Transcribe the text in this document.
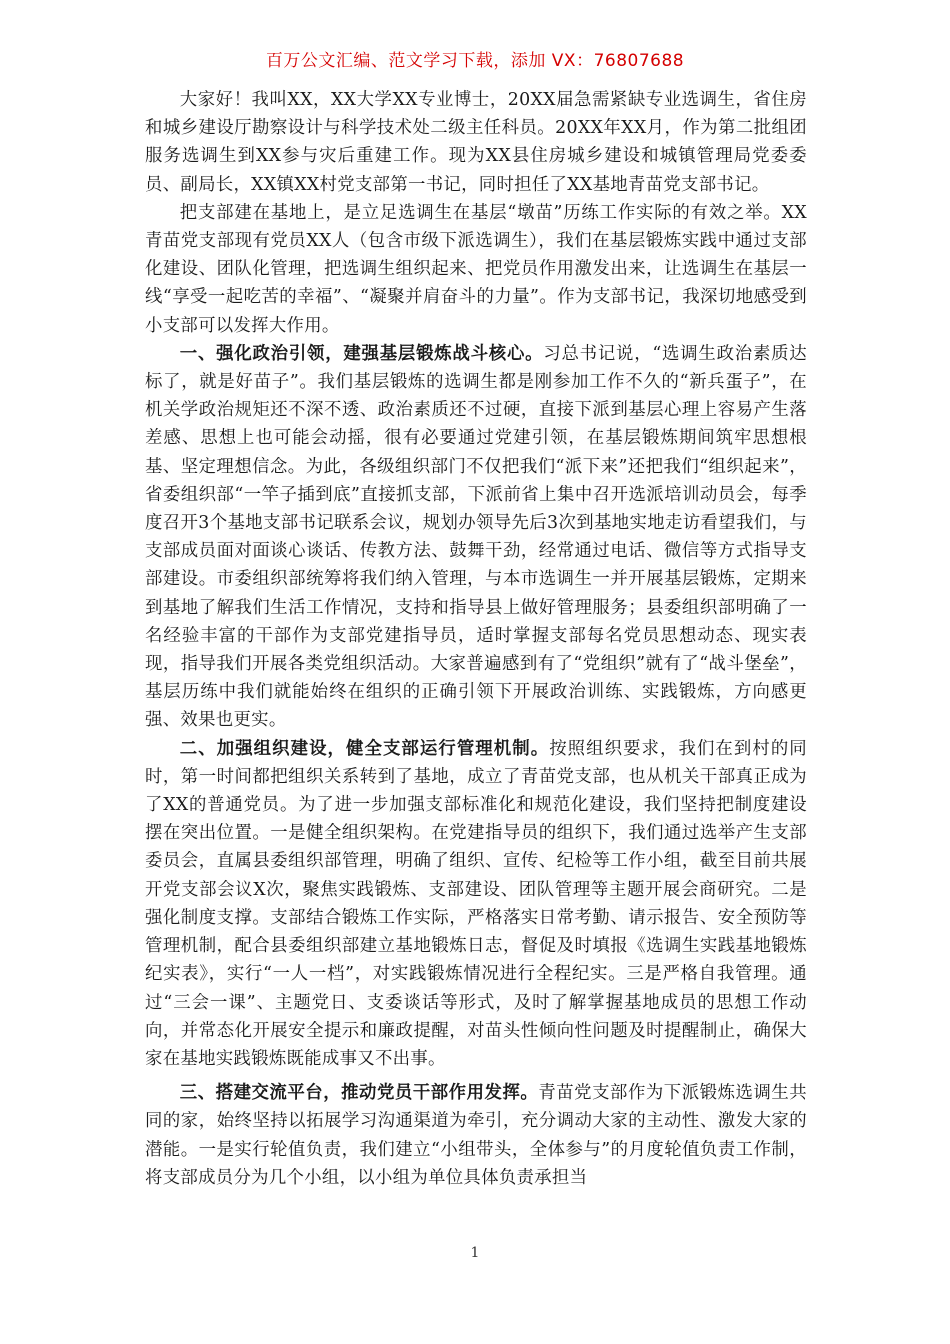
百万公文汇编、范文学习下载，添加 VX：76807688

大家好！我叫XX，XX大学XX专业博士，20XX届急需紧缺专业选调生，省住房和城乡建设厅勘察设计与科学技术处二级主任科员。20XX年XX月，作为第二批组团服务选调生到XX参与灾后重建工作。现为XX县住房城乡建设和城镇管理局党委委员、副局长，XX镇XX村党支部第一书记，同时担任了XX基地青苗党支部书记。

把支部建在基地上，是立足选调生在基层“墩苗”历练工作实际的有效之举。XX青苗党支部现有党员XX人（包含市级下派选调生），我们在基层锻炼实践中通过支部化建设、团队化管理，把选调生组织起来、把党员作用激发出来，让选调生在基层一线“享受一起吃苦的幸福”、“凝聚并肩奋斗的力量”。作为支部书记，我深切地感受到小支部可以发挥大作用。

一、强化政治引领，建强基层锻炼战斗核心。习总书记说，“选调生政治素质达标了，就是好苗子”。我们基层锻炼的选调生都是刚参加工作不久的“新兵蛋子”，在机关学政治规矩还不深不透、政治素质还不过硬，直接下派到基层心理上容易产生落差感、思想上也可能会动摇，很有必要通过党建引领，在基层锻炼期间筑牢思想根基、坚定理想信念。为此，各级组织部门不仅把我们“派下来”还把我们“组织起来”，省委组织部“一竿子插到底”直接抓支部，下派前省上集中召开选派培训动员会，每季度召开3个基地支部书记联系会议，规划办领导先后3次到基地实地走访看望我们，与支部成员面对面谈心谈话、传教方法、鼓舞干劲，经常通过电话、微信等方式指导支部建设。市委组织部统筹将我们纳入管理，与本市选调生一并开展基层锻炼，定期来到基地了解我们生活工作情况，支持和指导县上做好管理服务；县委组织部明确了一名经验丰富的干部作为支部党建指导员，适时掌握支部每名党员思想动态、现实表现，指导我们开展各类党组织活动。大家普遍感到有了“党组织”就有了“战斗堡垒”，基层历练中我们就能始终在组织的正确引领下开展政治训练、实践锻炼，方向感更强、效果也更实。

二、加强组织建设，健全支部运行管理机制。按照组织要求，我们在到村的同时，第一时间都把组织关系转到了基地，成立了青苗党支部，也从机关干部真正成为了XX的普通党员。为了进一步加强支部标准化和规范化建设，我们坚持把制度建设摆在突出位置。一是健全组织架构。在党建指导员的组织下，我们通过选举产生支部委员会，直属县委组织部管理，明确了组织、宣传、纪检等工作小组，截至目前共展开党支部会议X次，聚焦实践锻炼、支部建设、团队管理等主题开展会商研究。二是强化制度支撑。支部结合锻炼工作实际，严格落实日常考勤、请示报告、安全预防等管理机制，配合县委组织部建立基地锻炼日志，督促及时填报《选调生实践基地锻炼纪实表》，实行“一人一档”，对实践锻炼情况进行全程纪实。三是严格自我管理。通过“三会一课”、主题党日、支委谈话等形式，及时了解掌握基地成员的思想工作动向，并常态化开展安全提示和廉政提醒，对苗头性倾向性问题及时提醒制止，确保大家在基地实践锻炼既能成事又不出事。

三、搭建交流平台，推动党员干部作用发挥。青苗党支部作为下派锻炼选调生共同的家，始终坚持以拓展学习沟通渠道为牵引，充分调动大家的主动性、激发大家的潜能。一是实行轮值负责，我们建立“小组带头，全体参与”的月度轮值负责工作制，将支部成员分为几个小组，以小组为单位具体负责承担当

1
